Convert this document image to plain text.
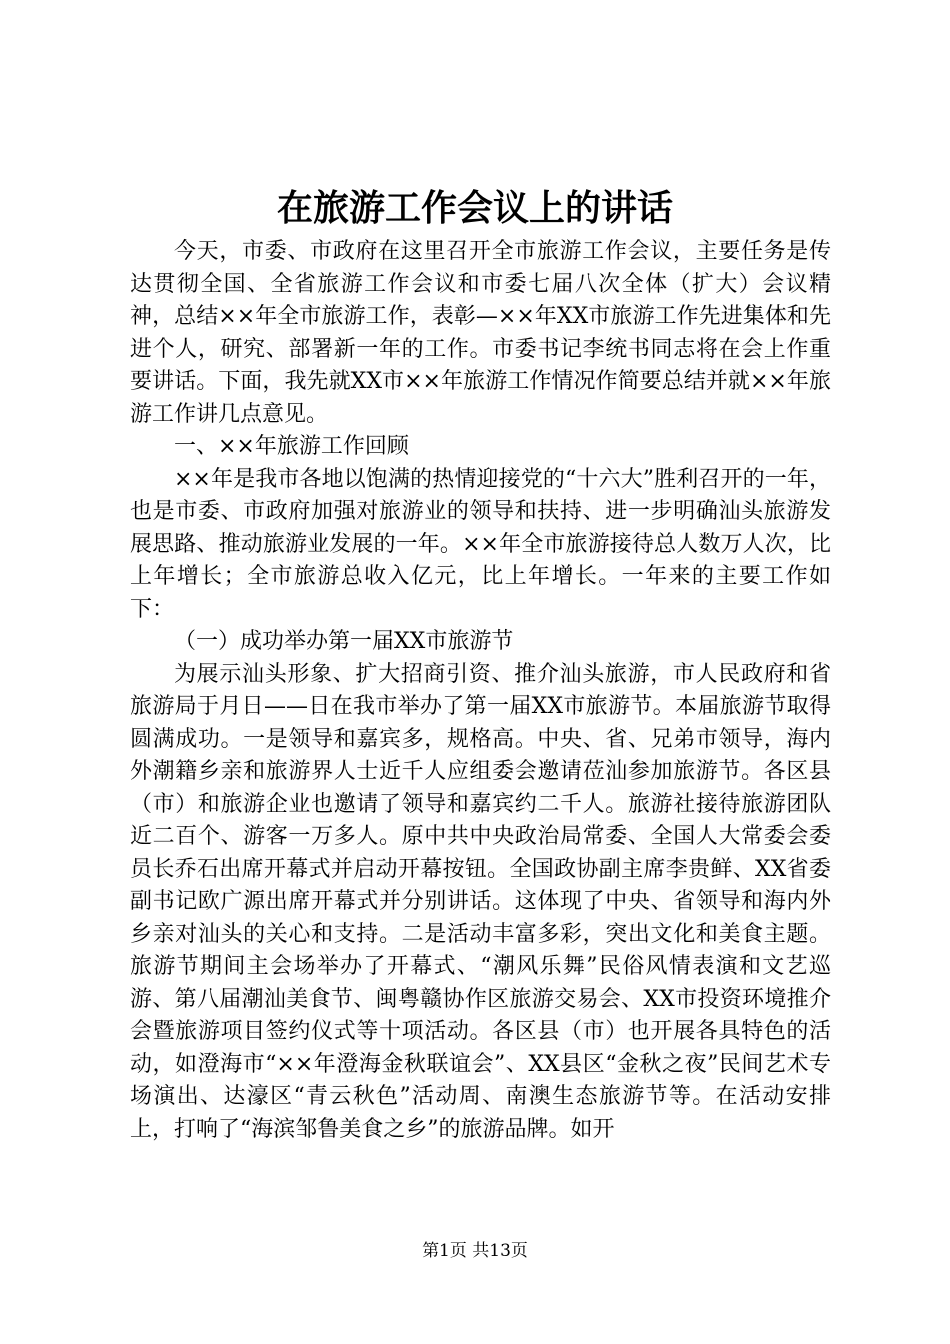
在旅游工作会议上的讲话

今天，市委、市政府在这里召开全市旅游工作会议，主要任务是传达贯彻全国、全省旅游工作会议和市委七届八次全体（扩大）会议精神，总结××年全市旅游工作，表彰—××年XX市旅游工作先进集体和先进个人，研究、部署新一年的工作。市委书记李统书同志将在会上作重要讲话。下面，我先就XX市××年旅游工作情况作简要总结并就××年旅游工作讲几点意见。

一、××年旅游工作回顾

××年是我市各地以饱满的热情迎接党的“十六大”胜利召开的一年，也是市委、市政府加强对旅游业的领导和扶持、进一步明确汕头旅游发展思路、推动旅游业发展的一年。××年全市旅游接待总人数万人次，比上年增长；全市旅游总收入亿元，比上年增长。一年来的主要工作如下：

（一）成功举办第一届XX市旅游节

为展示汕头形象、扩大招商引资、推介汕头旅游，市人民政府和省旅游局于月日——日在我市举办了第一届XX市旅游节。本届旅游节取得圆满成功。一是领导和嘉宾多，规格高。中央、省、兄弟市领导，海内外潮籍乡亲和旅游界人士近千人应组委会邀请莅汕参加旅游节。各区县（市）和旅游企业也邀请了领导和嘉宾约二千人。旅游社接待旅游团队近二百个、游客一万多人。原中共中央政治局常委、全国人大常委会委员长乔石出席开幕式并启动开幕按钮。全国政协副主席李贵鲜、XX省委副书记欧广源出席开幕式并分别讲话。这体现了中央、省领导和海内外乡亲对汕头的关心和支持。二是活动丰富多彩，突出文化和美食主题。旅游节期间主会场举办了开幕式、“潮风乐舞”民俗风情表演和文艺巡游、第八届潮汕美食节、闽粤赣协作区旅游交易会、XX市投资环境推介会暨旅游项目签约仪式等十项活动。各区县（市）也开展各具特色的活动，如澄海市“××年澄海金秋联谊会”、XX县区“金秋之夜”民间艺术专场演出、达濠区“青云秋色”活动周、南澳生态旅游节等。在活动安排上，打响了“海滨邹鲁美食之乡”的旅游品牌。如开

第1页 共13页
